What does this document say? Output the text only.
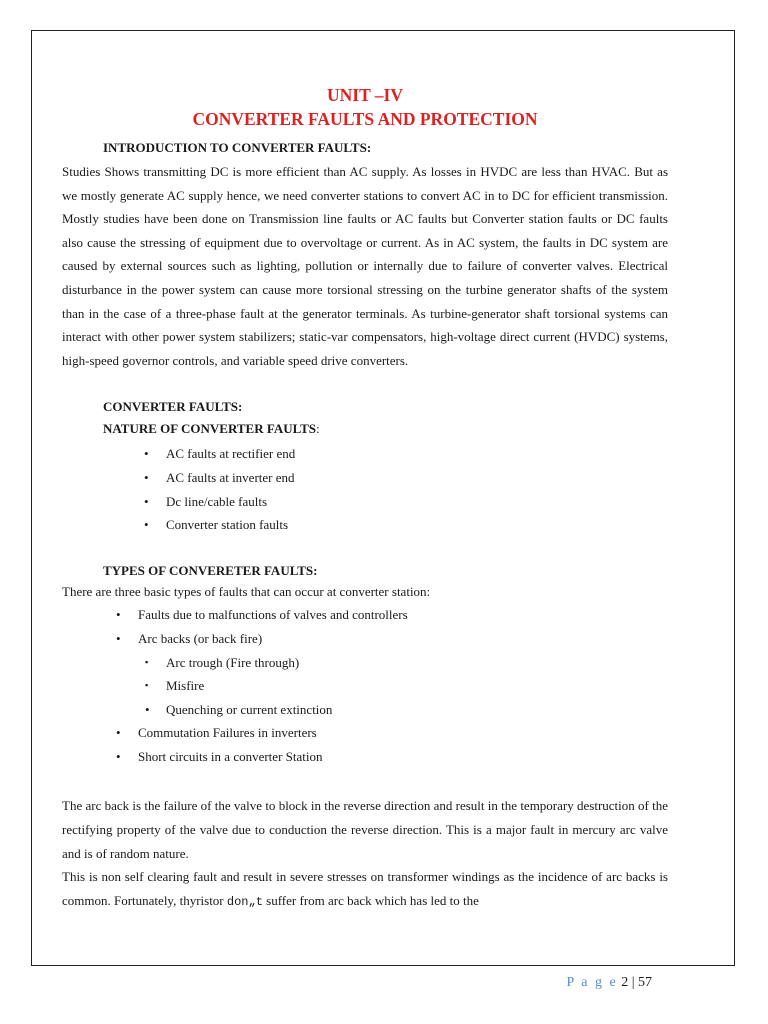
UNIT –IV
CONVERTER FAULTS AND PROTECTION
INTRODUCTION TO CONVERTER FAULTS:

Studies Shows transmitting DC is more efficient than AC supply. As losses in HVDC are less than HVAC. But as we mostly generate AC supply hence, we need converter stations to convert AC in to DC for efficient transmission. Mostly studies have been done on Transmission line faults or AC faults but Converter station faults or DC faults also cause the stressing of equipment due to overvoltage or current. As in AC system, the faults in DC system are caused by external sources such as lighting, pollution or internally due to failure of converter valves. Electrical disturbance in the power system can cause more torsional stressing on the turbine generator shafts of the system than in the case of a three-phase fault at the generator terminals. As turbine-generator shaft torsional systems can interact with other power system stabilizers; static-var compensators, high-voltage direct current (HVDC) systems, high-speed governor controls, and variable speed drive converters.

CONVERTER FAULTS:
NATURE OF CONVERTER FAULTS:
• AC faults at rectifier end
• AC faults at inverter end
• Dc line/cable faults
• Converter station faults
TYPES OF CONVERETER FAULTS:

There are three basic types of faults that can occur at converter station:

• Faults due to malfunctions of valves and controllers
• Arc backs (or back fire)
▪ Arc trough (Fire through)
▪ Misfire
• Quenching or current extinction
• Commutation Failures in inverters
• Short circuits in a converter Station

The arc back is the failure of the valve to block in the reverse direction and result in the temporary destruction of the rectifying property of the valve due to conduction the reverse direction. This is a major fault in mercury arc valve and is of random nature.

This is non self clearing fault and result in severe stresses on transformer windings as the incidence of arc backs is common. Fortunately, thyristor don„t suffer from arc back which has led to the

P a g e 2 | 57
